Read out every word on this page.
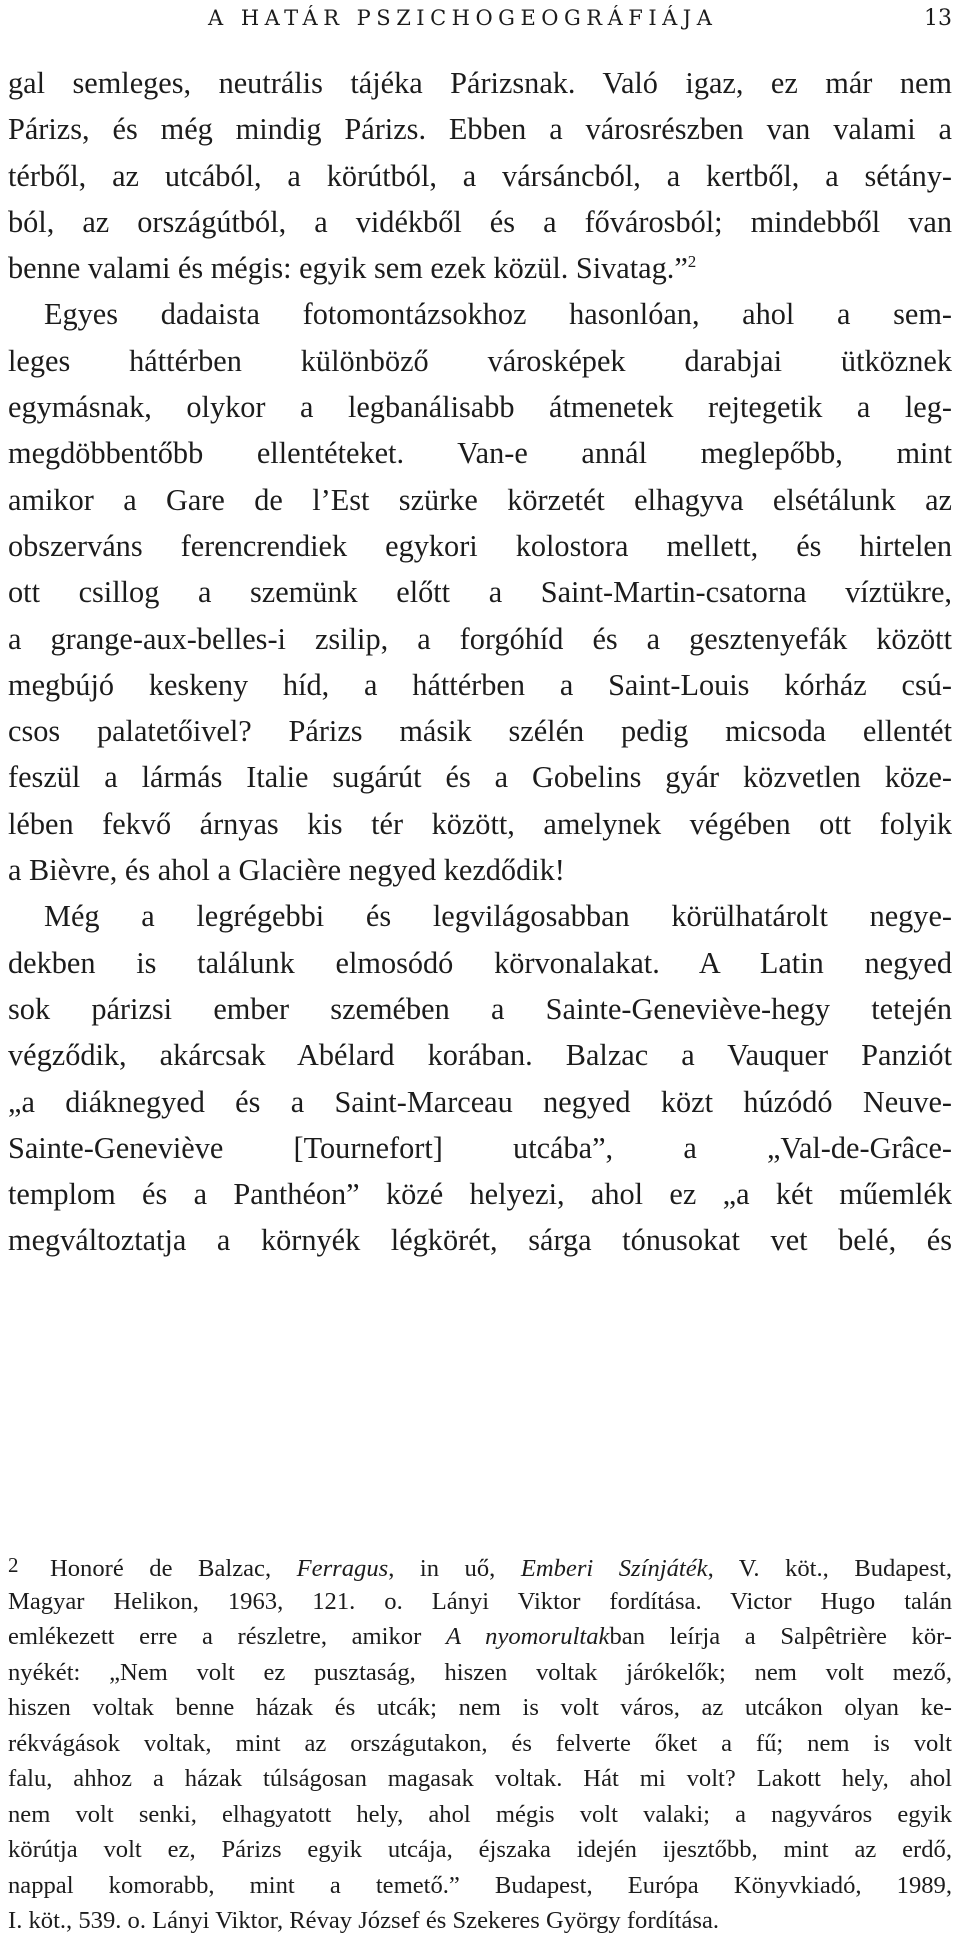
A HATÁR PSZICHOGEOGRÁFIÁJA	13
gal semleges, neutrális tájéka Párizsnak. Való igaz, ez már nem
Párizs, és még mindig Párizs. Ebben a városrészben van valami a
térből, az utcából, a körútból, a vársáncból, a kertből, a sétány-
ból, az országútból, a vidékből és a fővárosból; mindebből van
benne valami és mégis: egyik sem ezek közül. Sivatag.”$^2$
Egyes dadaista fotomontázsokhoz hasonlóan, ahol a sem-
leges háttérben különböző városképek darabjai ütköznek
egymásnak, olykor a legbanálisabb átmenetek rejtegetik a leg-
megdöbbentőbb ellentéteket. Van-e annál meglepőbb, mint
amikor a Gare de l’Est szürke körzetét elhagyva elsétálunk az
obszerváns ferencrendiek egykori kolostora mellett, és hirtelen
ott csillog a szemünk előtt a Saint-Martin-csatorna víztükre,
a grange-aux-belles-i zsilip, a forgóhíd és a gesztenyefák között
megbújó keskeny híd, a háttérben a Saint-Louis kórház csú-
csos palatetőivel? Párizs másik szélén pedig micsoda ellentét
feszül a lármás Italie sugárút és a Gobelins gyár közvetlen köze-
lében fekvő árnyas kis tér között, amelynek végében ott folyik
a Bièvre, és ahol a Glacière negyed kezdődik!
Még a legrégebbi és legvilágosabban körülhatárolt negye-
dekben is találunk elmosódó körvonalakat. A Latin negyed
sok párizsi ember szemében a Sainte-Geneviève-hegy tetején
végződik, akárcsak Abélard korában. Balzac a Vauquer Panziót
„a diáknegyed és a Saint-Marceau negyed közt húzódó Neuve-
Sainte-Geneviève [Tournefort] utcába”, a „Val-de-Grâce-
templom és a Panthéon” közé helyezi, ahol ez „a két műemlék
megváltoztatja a környék légkörét, sárga tónusokat vet belé, és
2 Honoré de Balzac, Ferragus, in uő, Emberi Színjáték, V. köt., Budapest,
Magyar Helikon, 1963, 121. o. Lányi Viktor fordítása. Victor Hugo talán
emlékezett erre a részletre, amikor A nyomorultakban leírja a Salpêtrière kör-
nyékét: „Nem volt ez pusztaság, hiszen voltak járókelők; nem volt mező,
hiszen voltak benne házak és utcák; nem is volt város, az utcákon olyan ke-
rékvágások voltak, mint az országutakon, és felverte őket a fű; nem is volt
falu, ahhoz a házak túlságosan magasak voltak. Hát mi volt? Lakott hely, ahol
nem volt senki, elhagyatott hely, ahol mégis volt valaki; a nagyváros egyik
körútja volt ez, Párizs egyik utcája, éjszaka idején ijesztőbb, mint az erdő,
nappal komorabb, mint a temető.” Budapest, Európa Könyvkiadó, 1989,
I. köt., 539. o. Lányi Viktor, Révay József és Szekeres György fordítása.
